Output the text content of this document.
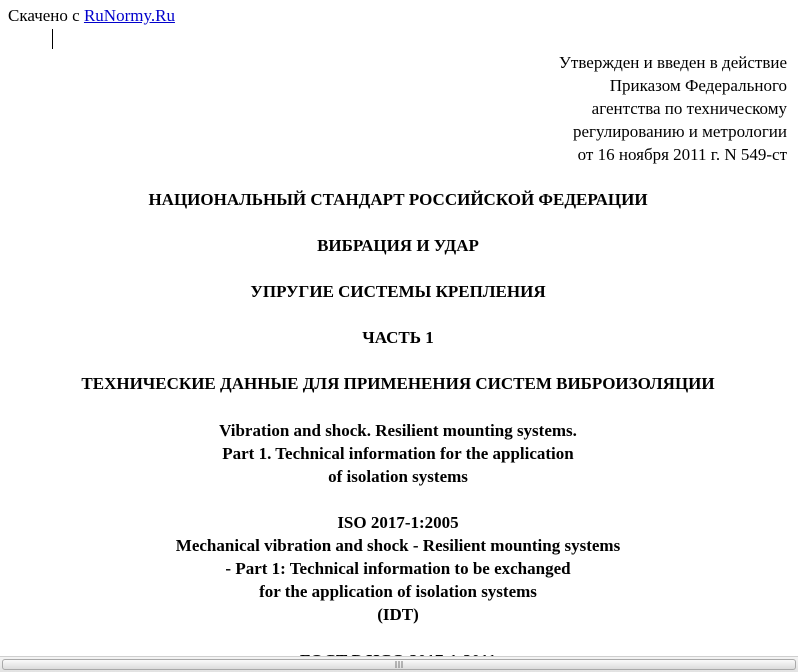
Скачено с RuNormy.Ru
Утвержден и введен в действие
Приказом Федерального
агентства по техническому
регулированию и метрологии
от 16 ноября 2011 г. N 549-ст
НАЦИОНАЛЬНЫЙ СТАНДАРТ РОССИЙСКОЙ ФЕДЕРАЦИИ
ВИБРАЦИЯ И УДАР
УПРУГИЕ СИСТЕМЫ КРЕПЛЕНИЯ
ЧАСТЬ 1
ТЕХНИЧЕСКИЕ ДАННЫЕ ДЛЯ ПРИМЕНЕНИЯ СИСТЕМ ВИБРОИЗОЛЯЦИИ
Vibration and shock. Resilient mounting systems.
Part 1. Technical information for the application
of isolation systems
ISO 2017-1:2005
Mechanical vibration and shock - Resilient mounting systems
- Part 1: Technical information to be exchanged
for the application of isolation systems
(IDT)
